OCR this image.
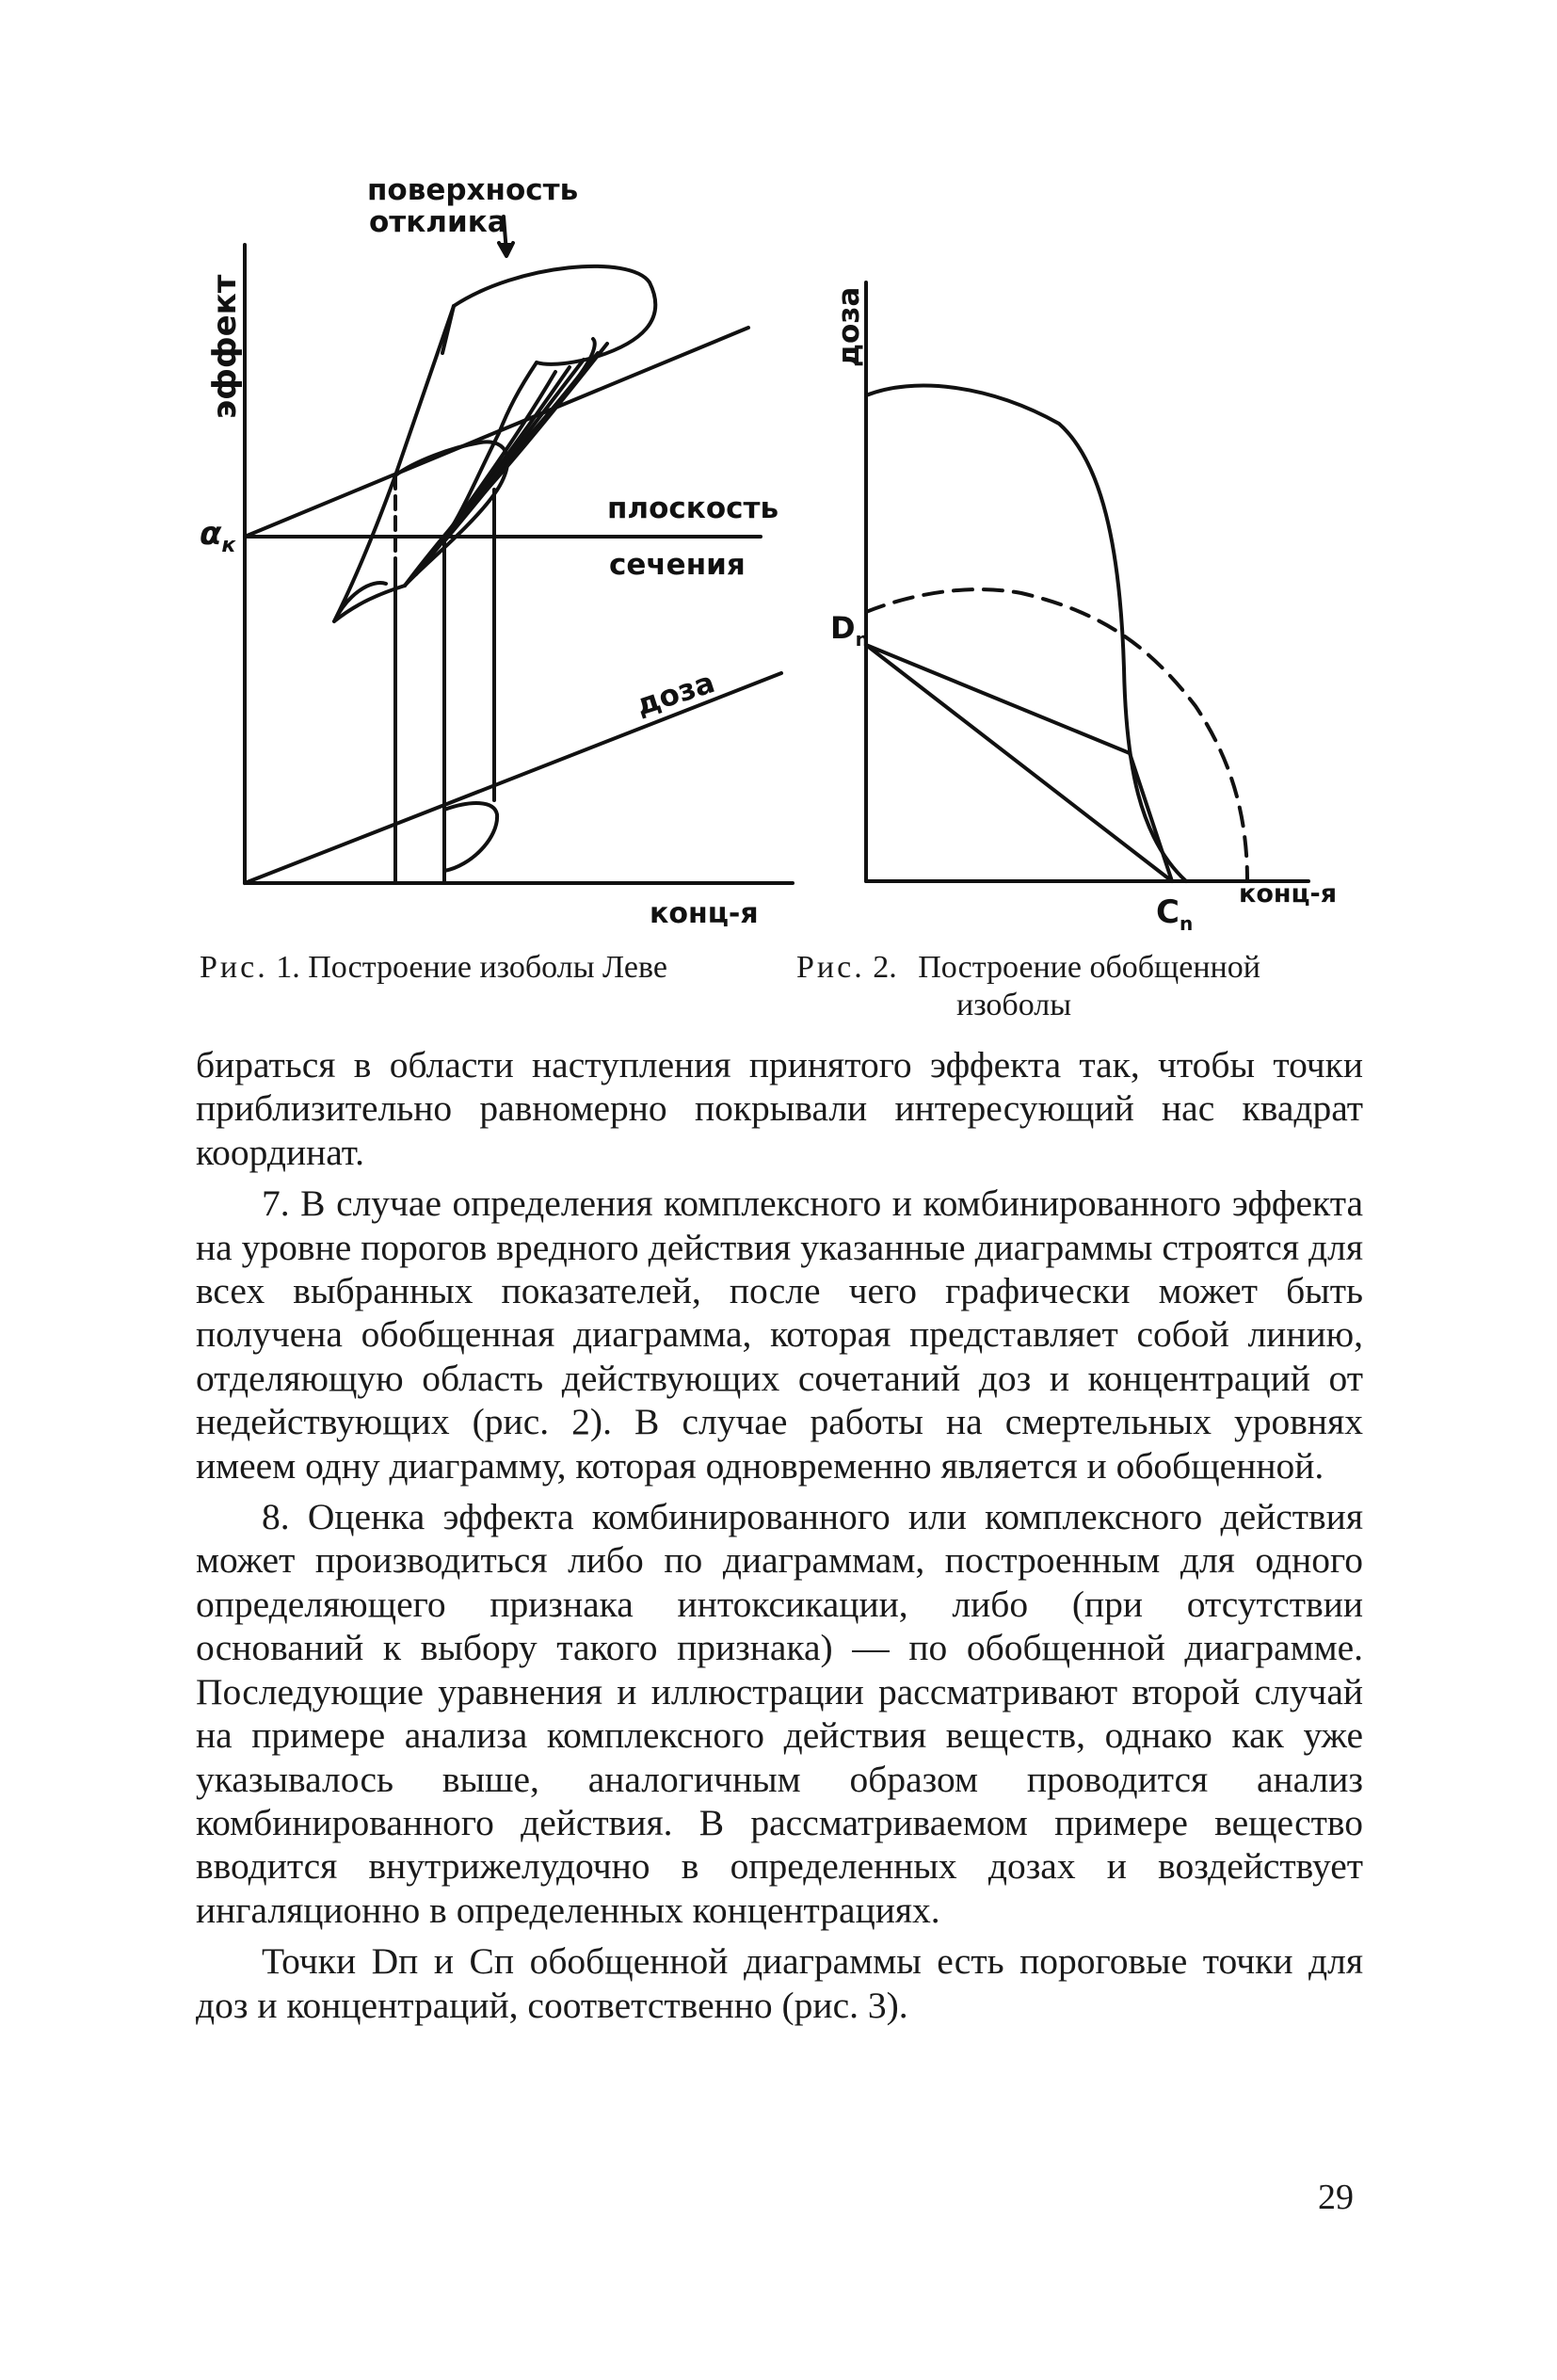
поверхность
отклика
эффект
$\alpha_к$
плоскость
сечения
доза
конц-я
доза
$D_n$
$C_n$
конц-я
Рис. 1. Построение изоболы Леве	Рис. 2. Построение обобщенной
изоболы

бираться в области наступления принятого эффекта так, чтобы точки приблизительно равномерно покрывали интересующий нас квадрат координат.

7. В случае определения комплексного и комбинированного эффекта на уровне порогов вредного действия указанные диаграммы строятся для всех выбранных показателей, после чего графически может быть получена обобщенная диаграмма, которая представляет собой линию, отделяющую область действующих сочетаний доз и концентраций от недействующих (рис. 2). В случае работы на смертельных уровнях имеем одну диаграмму, которая одновременно является и обобщенной.

8. Оценка эффекта комбинированного или комплексного действия может производиться либо по диаграммам, построенным для одного определяющего признака интоксикации, либо (при отсутствии оснований к выбору такого признака) — по обобщенной диаграмме. Последующие уравнения и иллюстрации рассматривают второй случай на примере анализа комплексного действия веществ, однако как уже указывалось выше, аналогичным образом проводится анализ комбинированного действия. В рассматриваемом примере вещество вводится внутрижелудочно в определенных дозах и воздействует ингаляционно в определенных концентрациях.

Точки Dп и Cп обобщенной диаграммы есть пороговые точки для доз и концентраций, соответственно (рис. 3).

29
